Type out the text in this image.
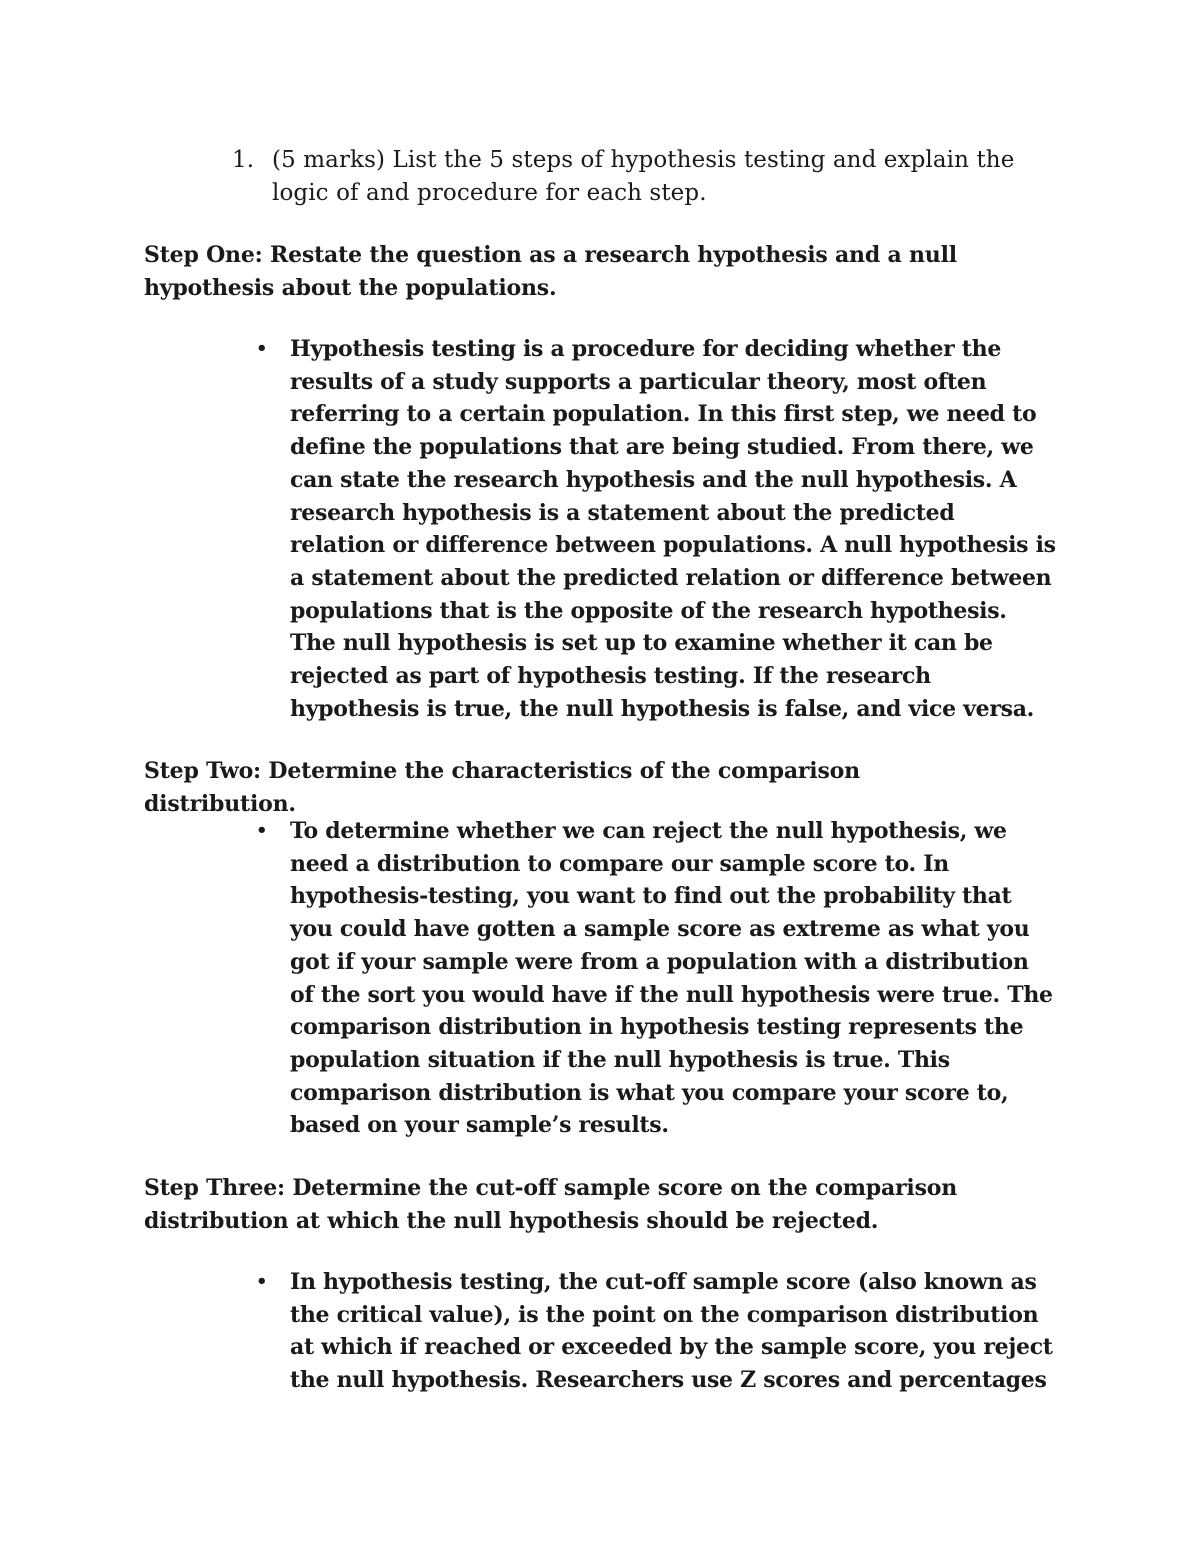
1. (5 marks) List the 5 steps of hypothesis testing and explain the logic of and procedure for each step.
Step One: Restate the question as a research hypothesis and a null hypothesis about the populations.
• Hypothesis testing is a procedure for deciding whether the results of a study supports a particular theory, most often referring to a certain population. In this first step, we need to define the populations that are being studied. From there, we can state the research hypothesis and the null hypothesis. A research hypothesis is a statement about the predicted relation or difference between populations. A null hypothesis is a statement about the predicted relation or difference between populations that is the opposite of the research hypothesis. The null hypothesis is set up to examine whether it can be rejected as part of hypothesis testing. If the research hypothesis is true, the null hypothesis is false, and vice versa.
Step Two: Determine the characteristics of the comparison distribution.
• To determine whether we can reject the null hypothesis, we need a distribution to compare our sample score to. In hypothesis-testing, you want to find out the probability that you could have gotten a sample score as extreme as what you got if your sample were from a population with a distribution of the sort you would have if the null hypothesis were true. The comparison distribution in hypothesis testing represents the population situation if the null hypothesis is true. This comparison distribution is what you compare your score to, based on your sample’s results.
Step Three: Determine the cut-off sample score on the comparison distribution at which the null hypothesis should be rejected.
• In hypothesis testing, the cut-off sample score (also known as the critical value), is the point on the comparison distribution at which if reached or exceeded by the sample score, you reject the null hypothesis. Researchers use Z scores and percentages
